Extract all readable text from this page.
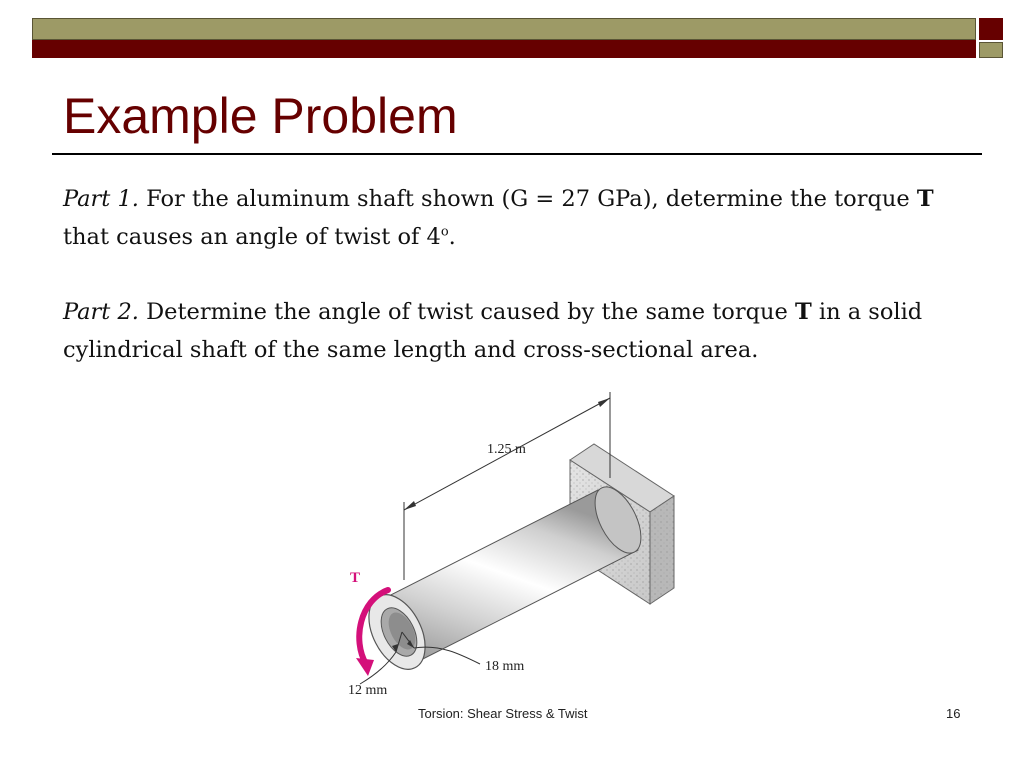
Example Problem

Part 1. For the aluminum shaft shown (G = 27 GPa), determine the torque T that causes an angle of twist of 4$^o$.

Part 2. Determine the angle of twist caused by the same torque T in a solid cylindrical shaft of the same length and cross-sectional area.

1.25 m
T
18 mm
12 mm
Torsion: Shear Stress & Twist	16
